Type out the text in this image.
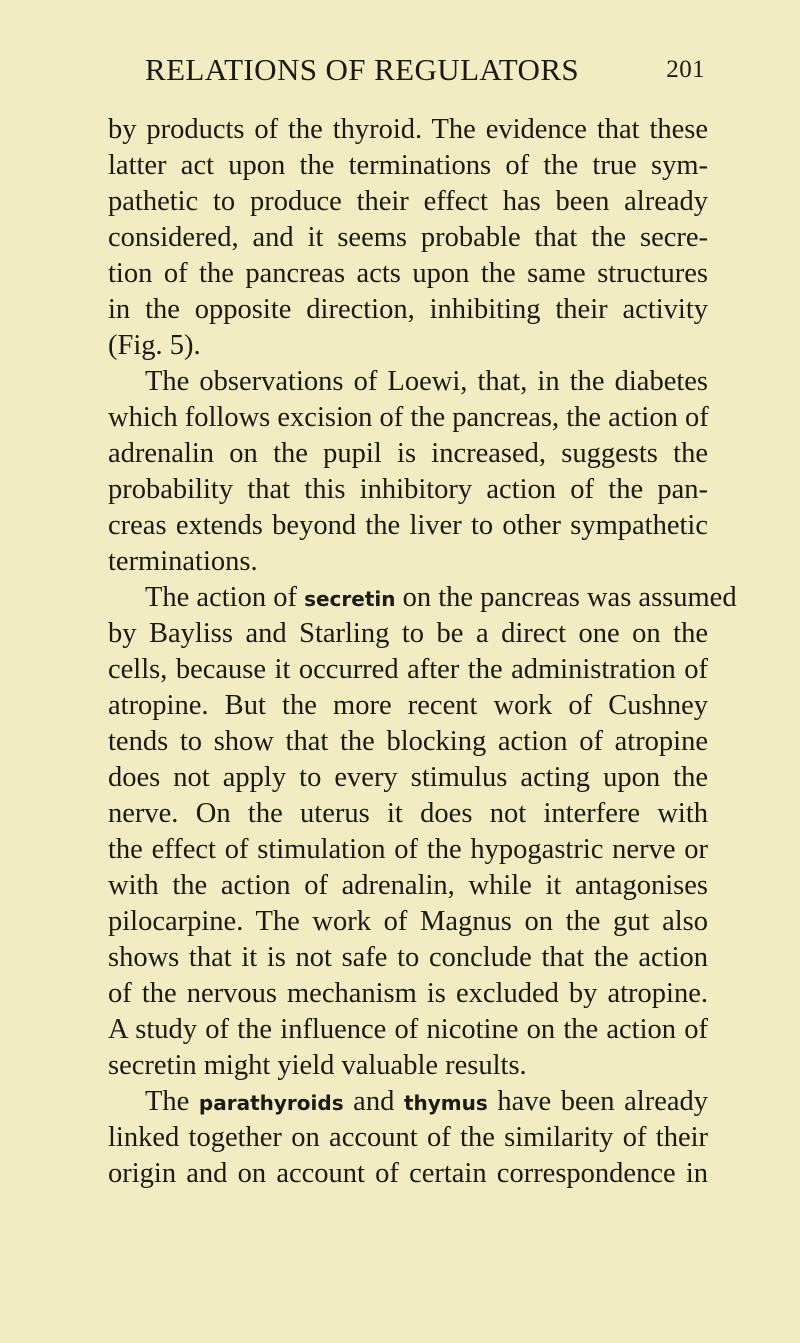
RELATIONS OF REGULATORS	201
by products of the thyroid. The evidence that these
latter act upon the terminations of the true sym-
pathetic to produce their effect has been already
considered, and it seems probable that the secre-
tion of the pancreas acts upon the same structures
in the opposite direction, inhibiting their activity
(Fig. 5).
The observations of Loewi, that, in the diabetes
which follows excision of the pancreas, the action of
adrenalin on the pupil is increased, suggests the
probability that this inhibitory action of the pan-
creas extends beyond the liver to other sympathetic
terminations.
The action of secretin on the pancreas was assumed
by Bayliss and Starling to be a direct one on the
cells, because it occurred after the administration of
atropine. But the more recent work of Cushney
tends to show that the blocking action of atropine
does not apply to every stimulus acting upon the
nerve. On the uterus it does not interfere with
the effect of stimulation of the hypogastric nerve or
with the action of adrenalin, while it antagonises
pilocarpine. The work of Magnus on the gut also
shows that it is not safe to conclude that the action
of the nervous mechanism is excluded by atropine.
A study of the influence of nicotine on the action of
secretin might yield valuable results.
The parathyroids and thymus have been already
linked together on account of the similarity of their
origin and on account of certain correspondence in
